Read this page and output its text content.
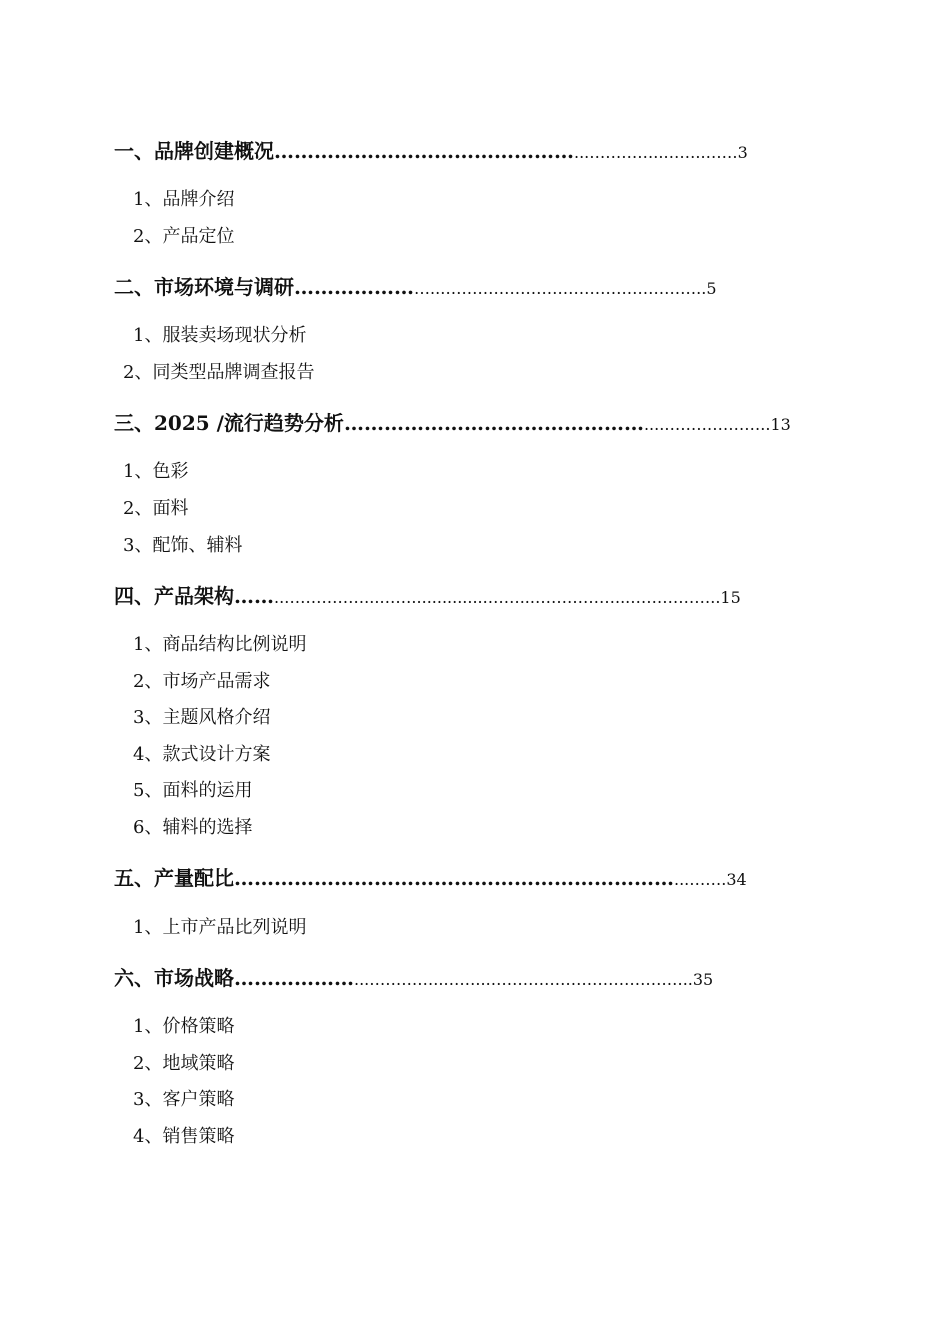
一、品牌创建概况………………………………………...…………..……..……3
1、品牌介绍
2、产品定位
二、市场环境与调研…………………..…………………………………………..5
1、服装卖场现状分析
2、同类型品牌调查报告
三、2025 /流行趋势分析………………………………………....………………..13
1、色彩
2、面料
3、配饰、辅料
四、产品架构……..……………...……...............……...……………...……………..15
1、商品结构比例说明
2、市场产品需求
3、主题风格介绍
4、款式设计方案
5、面料的运用
6、辅料的选择
五、产量配比…………………………………………………………...…….34
1、上市产品比列说明
六、市场战略………………...…………..……...………………………………..35
1、价格策略
2、地域策略
3、客户策略
4、销售策略
